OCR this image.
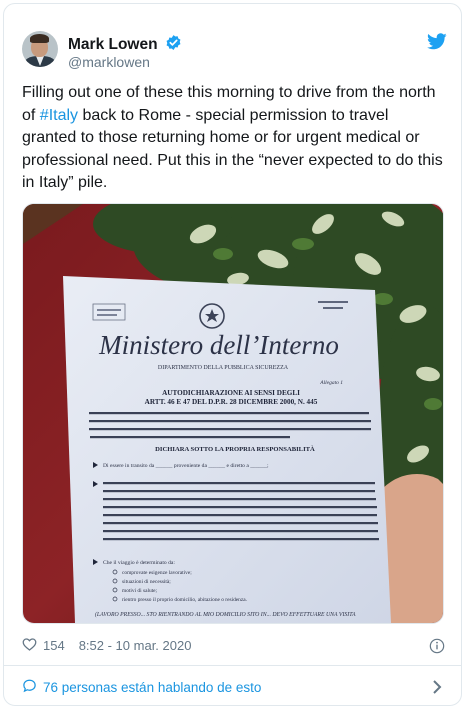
Mark Lowen
@marklowen
Filling out one of these this morning to drive from the north of #Italy back to Rome - special permission to travel granted to those returning home or for urgent medical or professional need. Put this in the “never expected to do this in Italy” pile.
Ministero dell’Interno
DIPARTIMENTO DELLA PUBBLICA SICUREZZA
Allegato 1
AUTODICHIARAZIONE AI SENSI DEGLI
ARTT. 46 E 47 DEL D.P.R. 28 DICEMBRE 2000, N. 445
DICHIARA SOTTO LA PROPRIA RESPONSABILITÀ
Di essere in transito da ______ proveniente da ______ e diretto a ______;
Che il viaggio è determinato da:
comprovate esigenze lavorative;
situazioni di necessità;
motivi di salute;
rientro presso il proprio domicilio, abitazione o residenza.
(LAVORO PRESSO... STO RIENTRANDO AL MIO DOMICILIO SITO IN... DEVO EFFETTUARE UNA VISITA
154 8:52 - 10 mar. 2020
76 personas están hablando de esto
